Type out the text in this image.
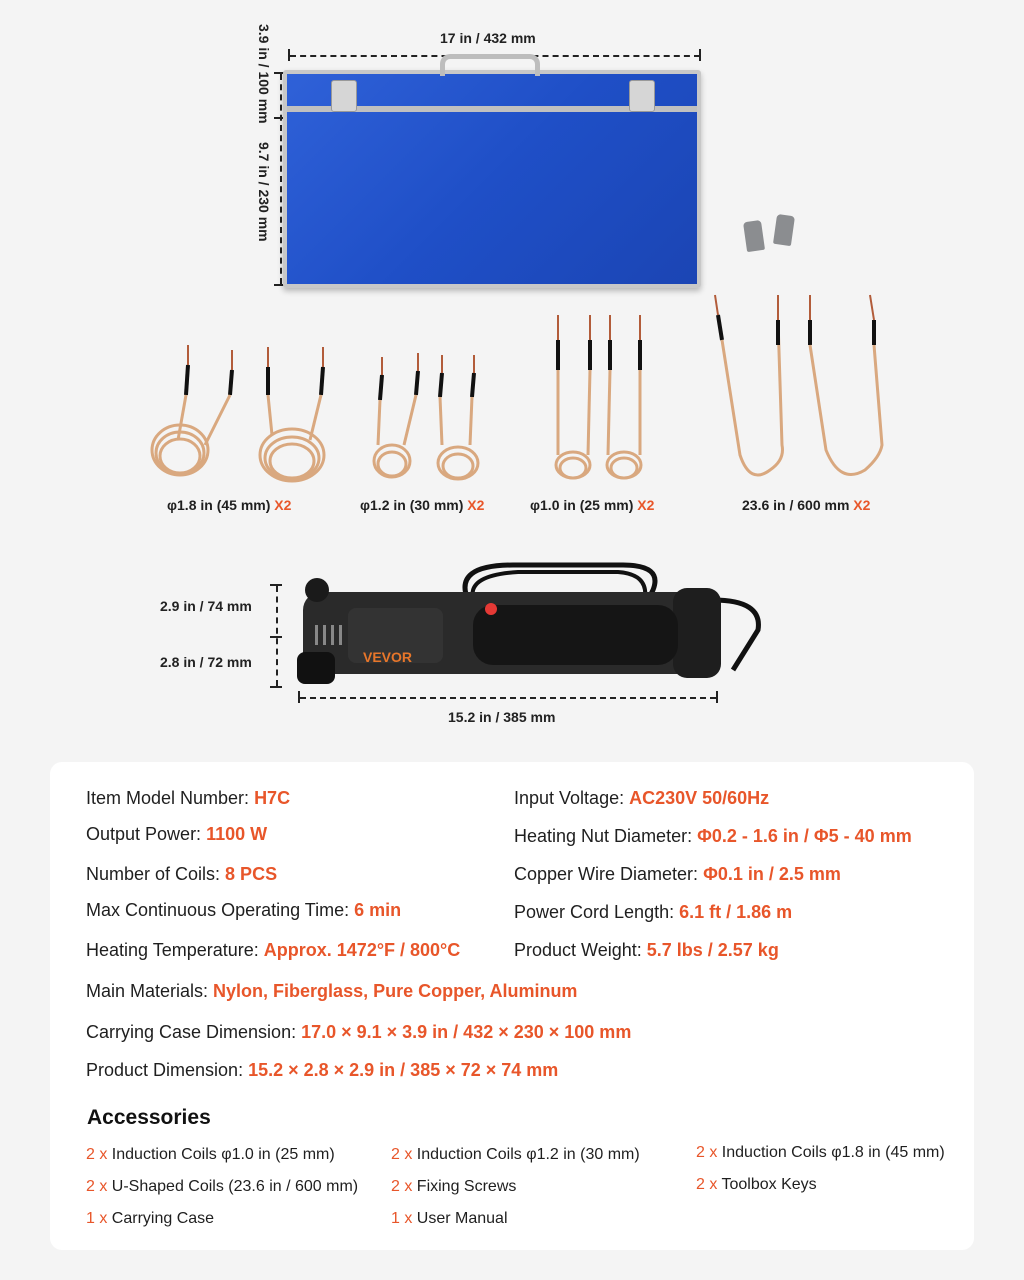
17 in / 432 mm
3.9 in / 100 mm
9.7 in / 230 mm
φ1.8 in (45 mm) X2	φ1.2 in (30 mm) X2	φ1.0 in (25 mm) X2	23.6 in / 600 mm X2
2.9 in / 74 mm
2.8 in / 72 mm
15.2 in / 385 mm
VEVOR
Item Model Number: H7C
Output Power: 1100 W
Number of Coils: 8 PCS
Max Continuous Operating Time: 6 min
Heating Temperature: Approx. 1472°F / 800°C
Input Voltage: AC230V 50/60Hz
Heating Nut Diameter: Φ0.2 - 1.6 in / Φ5 - 40 mm
Copper Wire Diameter: Φ0.1 in / 2.5 mm
Power Cord Length: 6.1 ft / 1.86 m
Product Weight: 5.7 lbs / 2.57 kg
Main Materials: Nylon, Fiberglass, Pure Copper, Aluminum
Carrying Case Dimension: 17.0 × 9.1 × 3.9 in / 432 × 230 × 100 mm
Product Dimension: 15.2 × 2.8 × 2.9 in / 385 × 72 × 74 mm
Accessories
2 x Induction Coils φ1.0 in (25 mm)	2 x Induction Coils φ1.2 in (30 mm)	2 x Induction Coils φ1.8 in (45 mm)
2 x U-Shaped Coils (23.6 in / 600 mm) 2 x Fixing Screws	2 x Toolbox Keys
1 x Carrying Case	1 x User Manual
